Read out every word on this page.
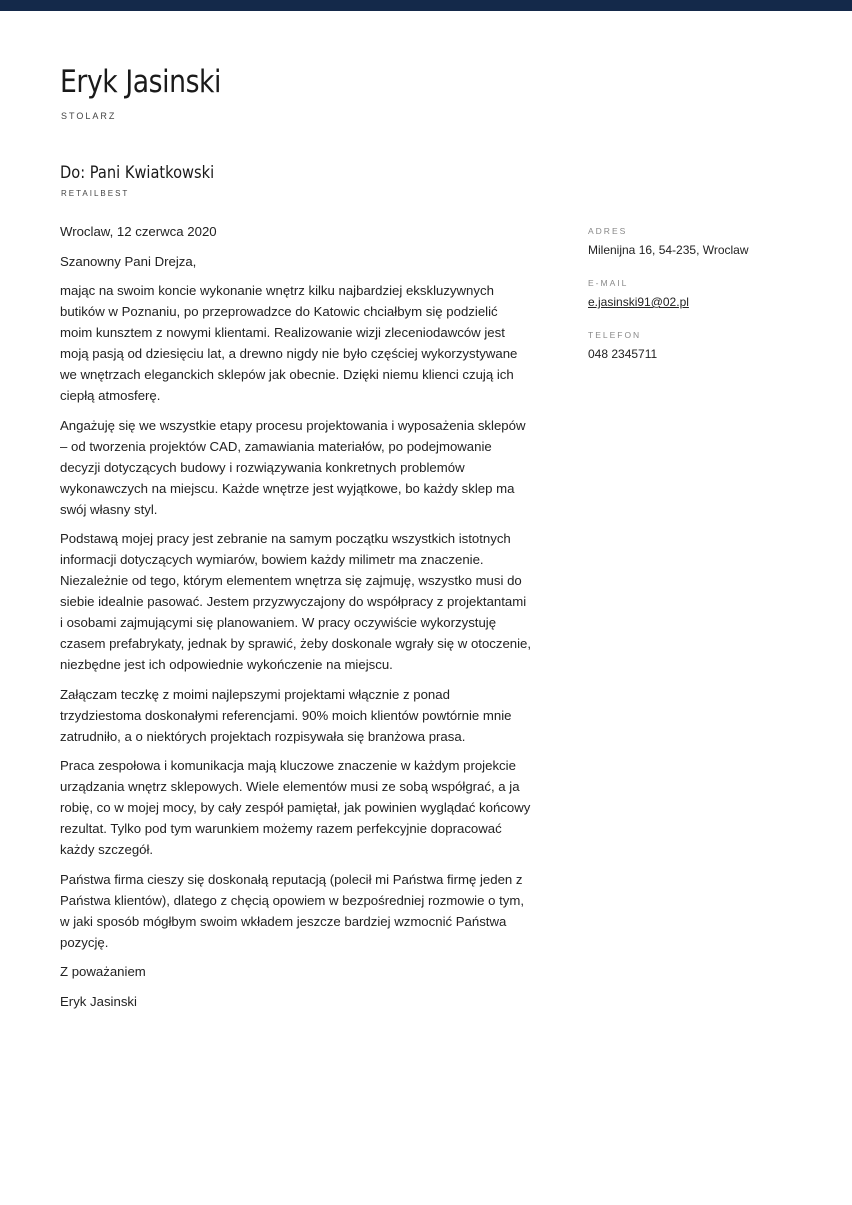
Eryk Jasinski
STOLARZ
Do: Pani Kwiatkowski
RETAILBEST

Wroclaw, 12 czerwca 2020

Szanowny Pani Drejza,

mając na swoim koncie wykonanie wnętrz kilku najbardziej ekskluzywnych butików w Poznaniu, po przeprowadzce do Katowic chciałbym się podzielić moim kunsztem z nowymi klientami. Realizowanie wizji zleceniodawców jest moją pasją od dziesięciu lat, a drewno nigdy nie było częściej wykorzystywane we wnętrzach eleganckich sklepów jak obecnie. Dzięki niemu klienci czują ich ciepłą atmosferę.

Angażuję się we wszystkie etapy procesu projektowania i wyposażenia sklepów – od tworzenia projektów CAD, zamawiania materiałów, po podejmowanie decyzji dotyczących budowy i rozwiązywania konkretnych problemów wykonawczych na miejscu. Każde wnętrze jest wyjątkowe, bo każdy sklep ma swój własny styl.

Podstawą mojej pracy jest zebranie na samym początku wszystkich istotnych informacji dotyczących wymiarów, bowiem każdy milimetr ma znaczenie. Niezależnie od tego, którym elementem wnętrza się zajmuję, wszystko musi do siebie idealnie pasować. Jestem przyzwyczajony do współpracy z projektantami i osobami zajmującymi się planowaniem. W pracy oczywiście wykorzystuję czasem prefabrykaty, jednak by sprawić, żeby doskonale wgrały się w otoczenie, niezbędne jest ich odpowiednie wykończenie na miejscu.

Załączam teczkę z moimi najlepszymi projektami włącznie z ponad trzydziestoma doskonałymi referencjami. 90% moich klientów powtórnie mnie zatrudniło, a o niektórych projektach rozpisywała się branżowa prasa.

Praca zespołowa i komunikacja mają kluczowe znaczenie w każdym projekcie urządzania wnętrz sklepowych. Wiele elementów musi ze sobą współgrać, a ja robię, co w mojej mocy, by cały zespół pamiętał, jak powinien wyglądać końcowy rezultat. Tylko pod tym warunkiem możemy razem perfekcyjnie dopracować każdy szczegół.

Państwa firma cieszy się doskonałą reputacją (polecił mi Państwa firmę jeden z Państwa klientów), dlatego z chęcią opowiem w bezpośredniej rozmowie o tym, w jaki sposób mógłbym swoim wkładem jeszcze bardziej wzmocnić Państwa pozycję.

Z poważaniem

Eryk Jasinski

ADRES
Milenijna 16, 54-235, Wroclaw
E-MAIL
e.jasinski91@02.pl
TELEFON
048 2345711
